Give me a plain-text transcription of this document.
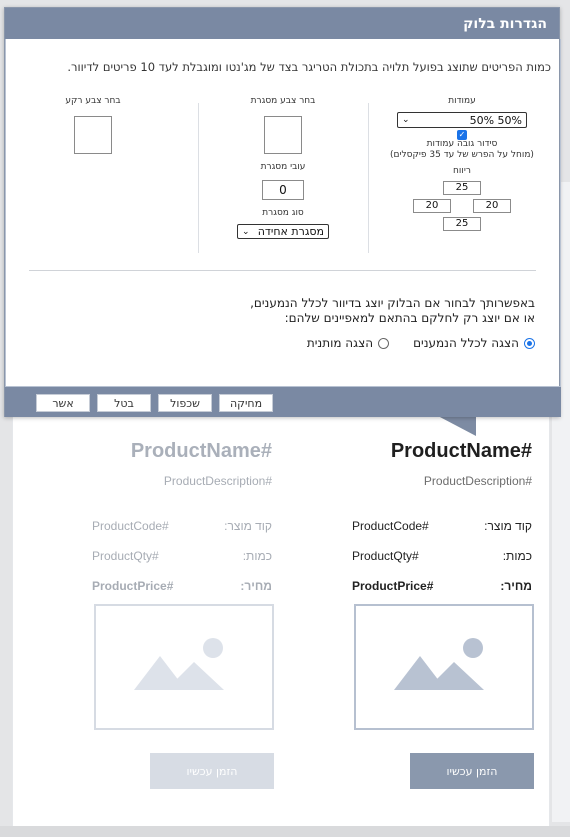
#ProductName
#ProductDescription
קוד מוצר:
#ProductCode
כמות:
#ProductQty
מחיר:
#ProductPrice
#ProductName
#ProductDescription
קוד מוצר:
#ProductCode
כמות:
#ProductQty
מחיר:
#ProductPrice
הזמן עכשיו
הזמן עכשיו
הגדרות בלוק
כמות הפריטים שתוצג בפועל תלויה בתכולת הטריגר בצד של מג'נטו ומוגבלת לעד 10 פריטים לדיוור.
עמודות
50% 50%
⌄
✓
סידור גובה עמודות
(מוחל על הפרש של עד 35 פיקסלים)
ריווח
25
20
20
25
בחר צבע מסגרת
עובי מסגרת
0
סוג מסגרת
מסגרת אחידה
⌄
בחר צבע רקע
באפשרותך לבחור אם הבלוק יוצג בדיוור לכלל הנמענים,
או אם יוצג רק לחלקם בהתאם למאפיינים שלהם:
הצגה לכלל הנמענים
הצגה מותנית
אשר	בטל	שכפול	מחיקה
